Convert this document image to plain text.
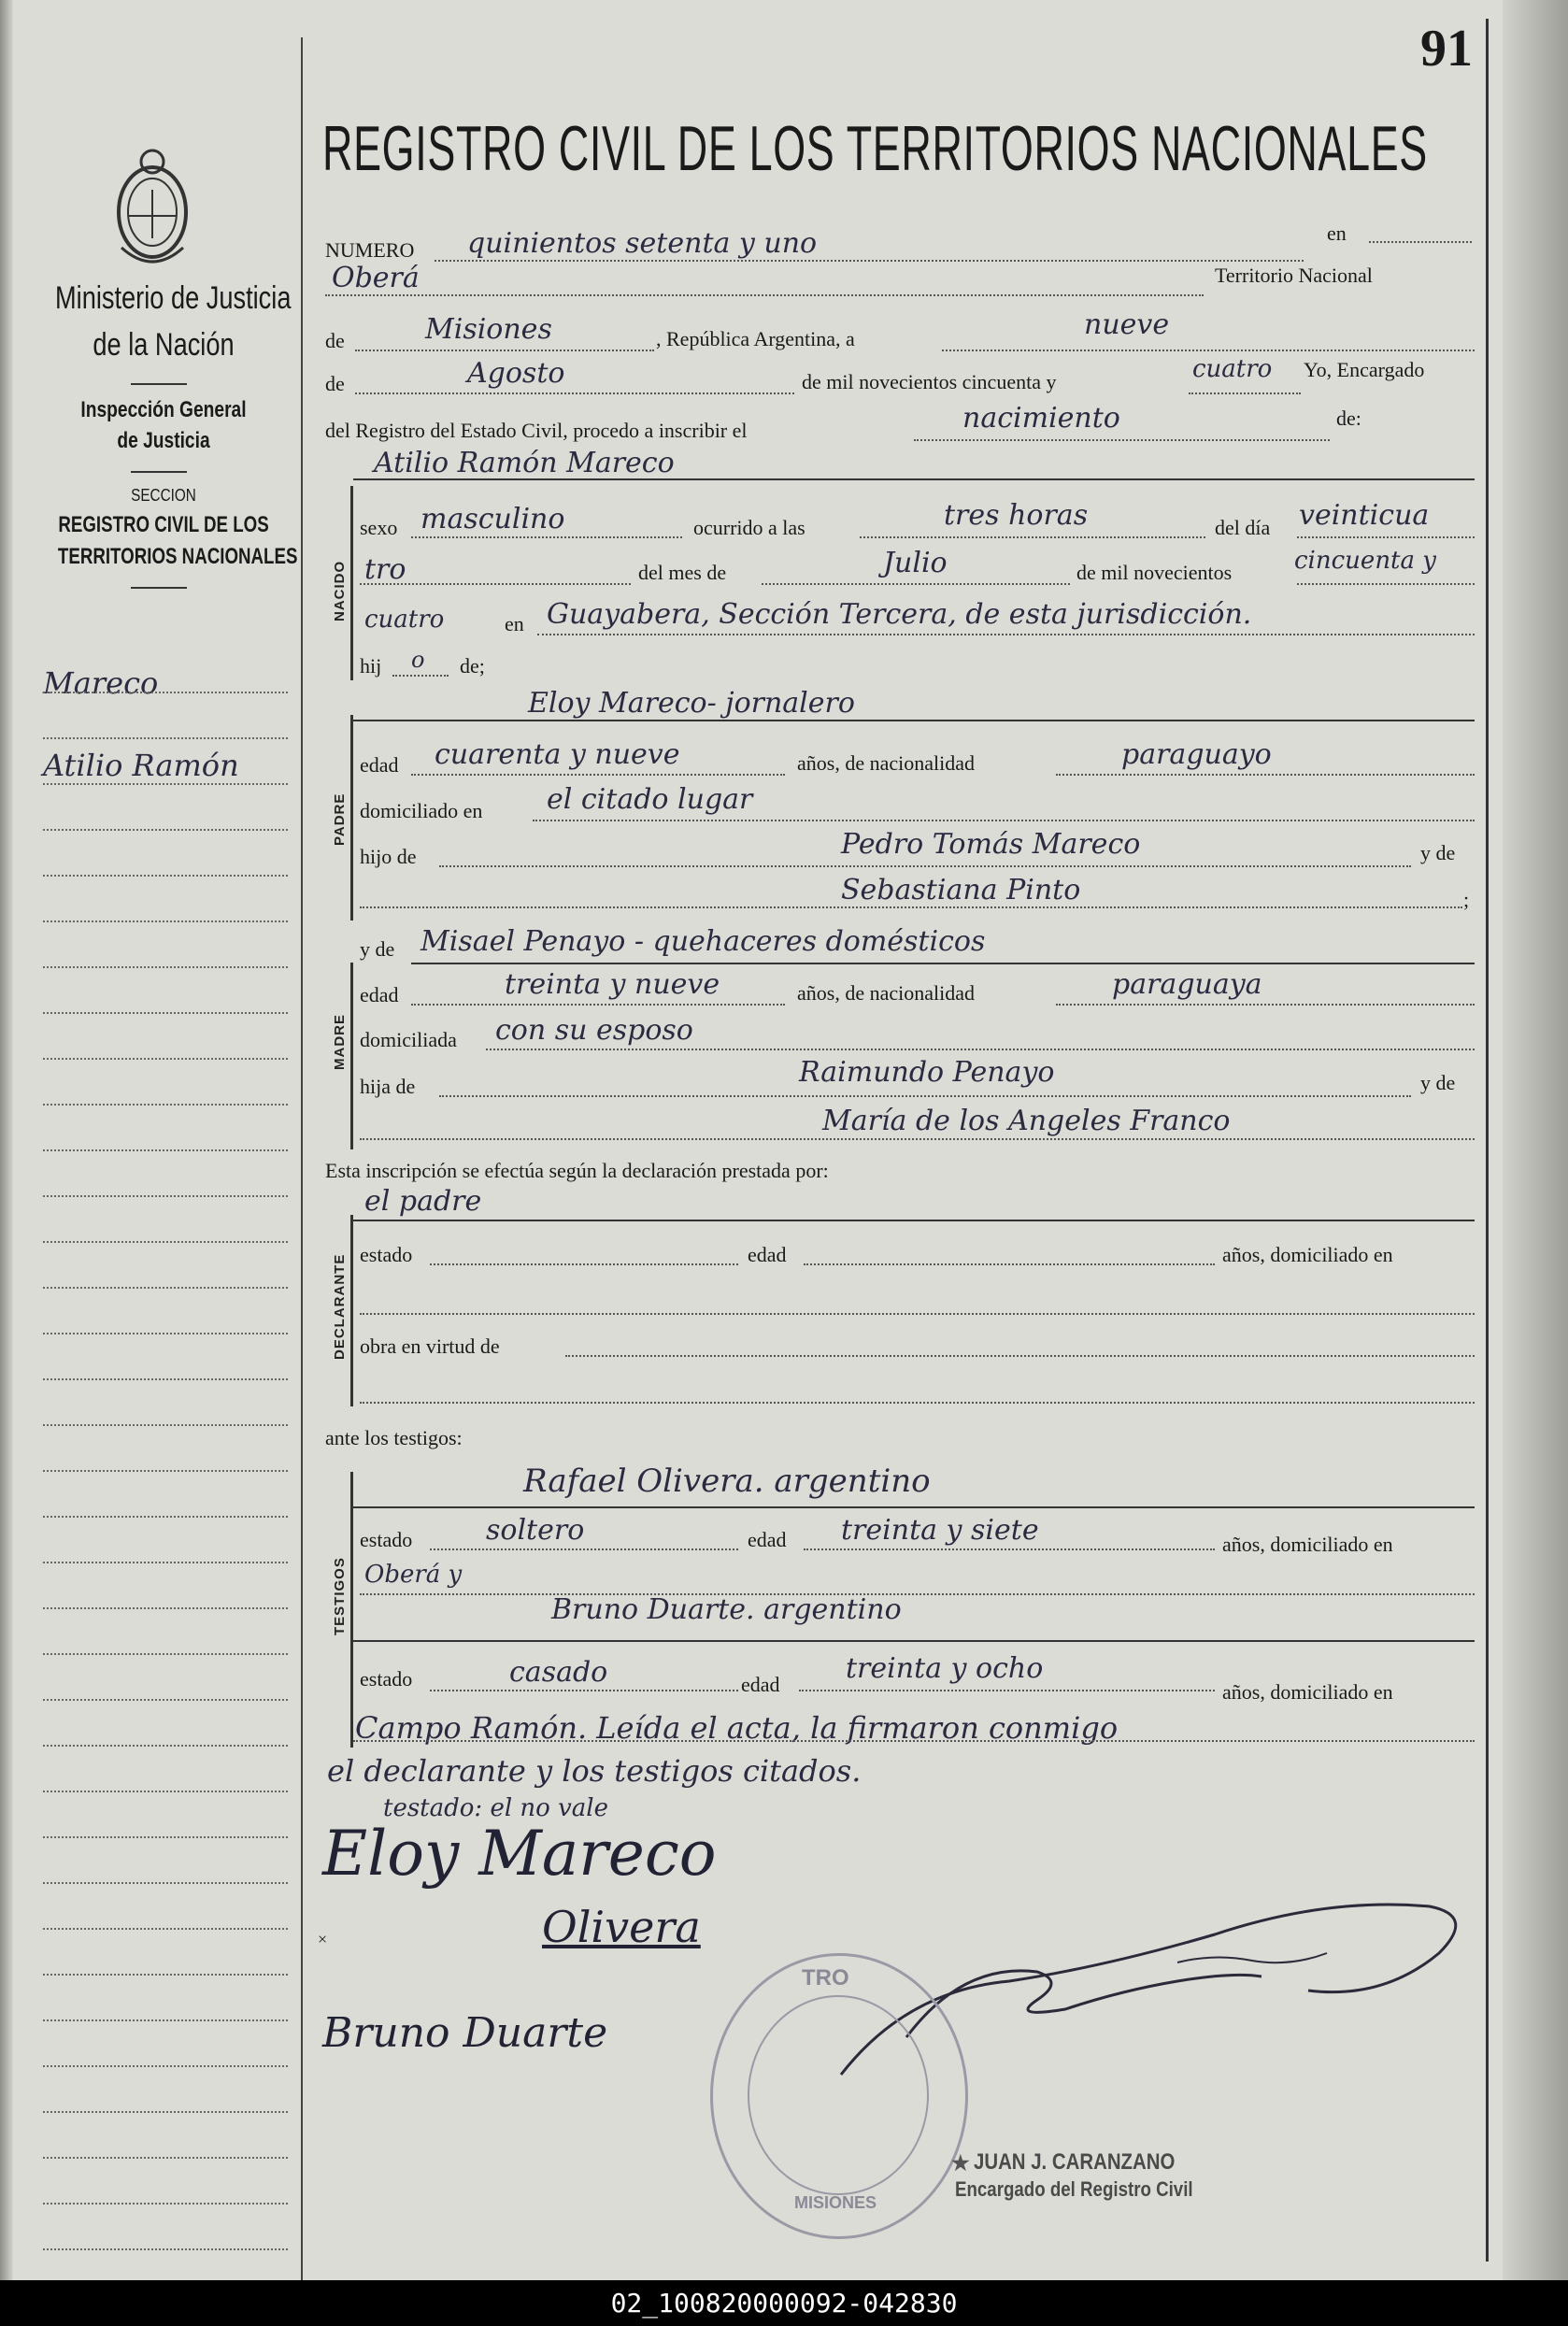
91
Ministerio de Justicia
de la Nación
Inspección General
de Justicia
SECCION
REGISTRO CIVIL DE LOS
TERRITORIOS NACIONALES
Mareco
Atilio Ramón
REGISTRO CIVIL DE LOS TERRITORIOS NACIONALES
NUMERO quinientos setenta y uno	en
Oberá	Territorio Nacional
de	Misiones	, República Argentina, a	nueve
de	Agosto	de mil novecientos cincuenta y	cuatro Yo, Encargado
del Registro del Estado Civil, procedo a inscribir el	nacimiento	de:
NACIDO
Atilio Ramón Mareco
sexo masculino	ocurrido a las	tres horas	del día veinticua
tro	del mes de	Julio	de mil novecientos	cincuenta y
cuatro	en Guayabera, Sección Tercera, de esta jurisdicción.
hij o de;
PADRE
Eloy Mareco- jornalero
edad cuarenta y nueve	años, de nacionalidad	paraguayo
domiciliado en el citado lugar
hijo de	Pedro Tomás Mareco	y de
Sebastiana Pinto	;
MADRE
y de Misael Penayo - quehaceres domésticos
edad	treinta y nueve	años, de nacionalidad	paraguaya
domiciliada con su esposo
hija de	Raimundo Penayo	y de
María de los Angeles Franco
Esta inscripción se efectúa según la declaración prestada por:
el padre
DECLARANTE estado	edad	años, domiciliado en
obra en virtud de
ante los testigos:
TESTIGOS
Rafael Olivera. argentino
estado	soltero	edad treinta y siete	años, domiciliado en
Oberá y
Bruno Duarte. argentino
estado	casado	edad treinta y ocho
años, domiciliado en
Campo Ramón. Leída el acta, la firmaron conmigo
el declarante y los testigos citados.
testado: el no vale
Eloy Mareco
×	Olivera
Bruno Duarte
TRO
MISIONES
★ JUAN J. CARANZANO
Encargado del Registro Civil
02_100820000092-042830
